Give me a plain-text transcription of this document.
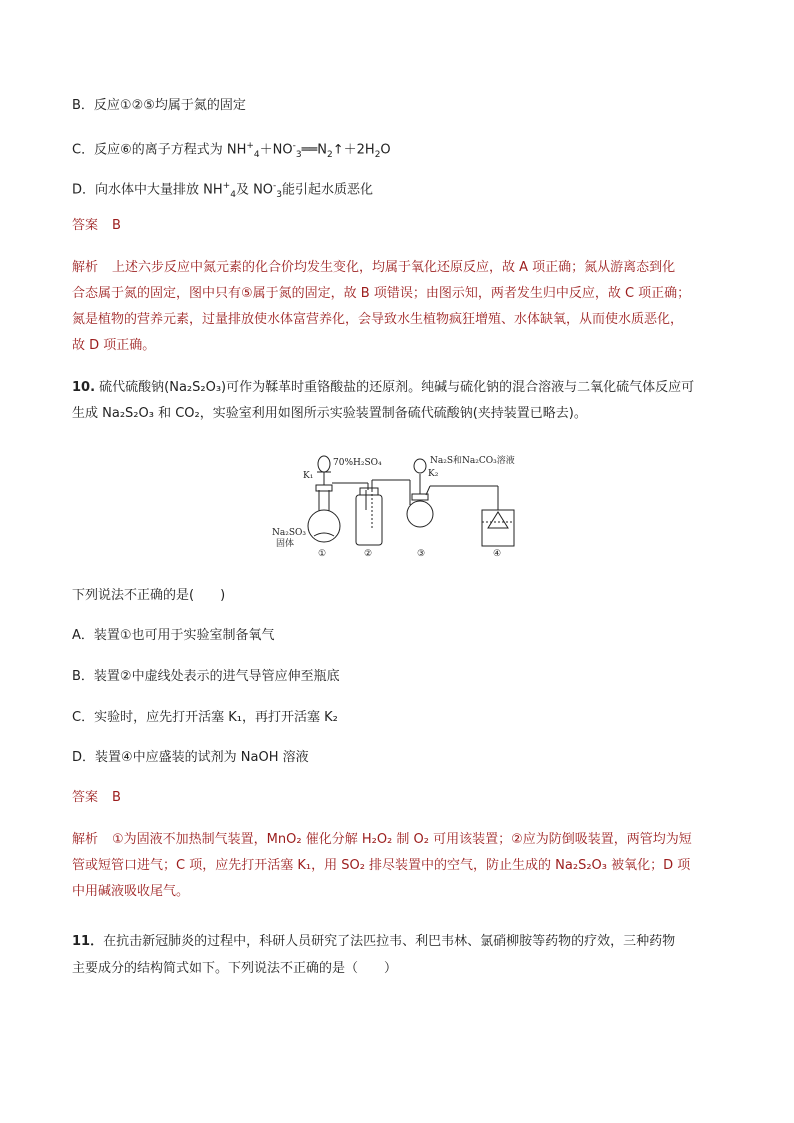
B．反应①②⑤均属于氮的固定
C．反应⑥的离子方程式为 $NH^+_4+NO^-_3══N_2↑+2H_2O$
D．向水体中大量排放 $NH^+_4$及 $NO^-_3$能引起水质恶化
答案 B
解析 上述六步反应中氮元素的化合价均发生变化，均属于氧化还原反应，故 A 项正确；氮从游离态到化
合态属于氮的固定，图中只有⑤属于氮的固定，故 B 项错误；由图示知，两者发生归中反应，故 C 项正确；
氮是植物的营养元素，过量排放使水体富营养化，会导致水生植物疯狂增殖、水体缺氧，从而使水质恶化，
故 D 项正确。
10. 硫代硫酸钠(Na₂S₂O₃)可作为鞣革时重铬酸盐的还原剂。纯碱与硫化钠的混合溶液与二氧化硫气体反应可
生成 Na₂S₂O₃ 和 CO₂，实验室利用如图所示实验装置制备硫代硫酸钠(夹持装置已略去)。
70%H₂SO₄
K₁
Na₂S和Na₂CO₃溶液
K₂
Na₂SO₃
固体
①	②	③	④
下列说法不正确的是(　　)
A．装置①也可用于实验室制备氧气
B．装置②中虚线处表示的进气导管应伸至瓶底
C．实验时，应先打开活塞 K₁，再打开活塞 K₂
D．装置④中应盛装的试剂为 NaOH 溶液
答案 B
解析 ①为固液不加热制气装置，MnO₂ 催化分解 H₂O₂ 制 O₂ 可用该装置；②应为防倒吸装置，两管均为短
管或短管口进气；C 项，应先打开活塞 K₁，用 SO₂ 排尽装置中的空气，防止生成的 Na₂S₂O₃ 被氧化；D 项
中用碱液吸收尾气。
11．在抗击新冠肺炎的过程中，科研人员研究了法匹拉韦、利巴韦林、氯硝柳胺等药物的疗效，三种药物
主要成分的结构简式如下。下列说法不正确的是（　　）
